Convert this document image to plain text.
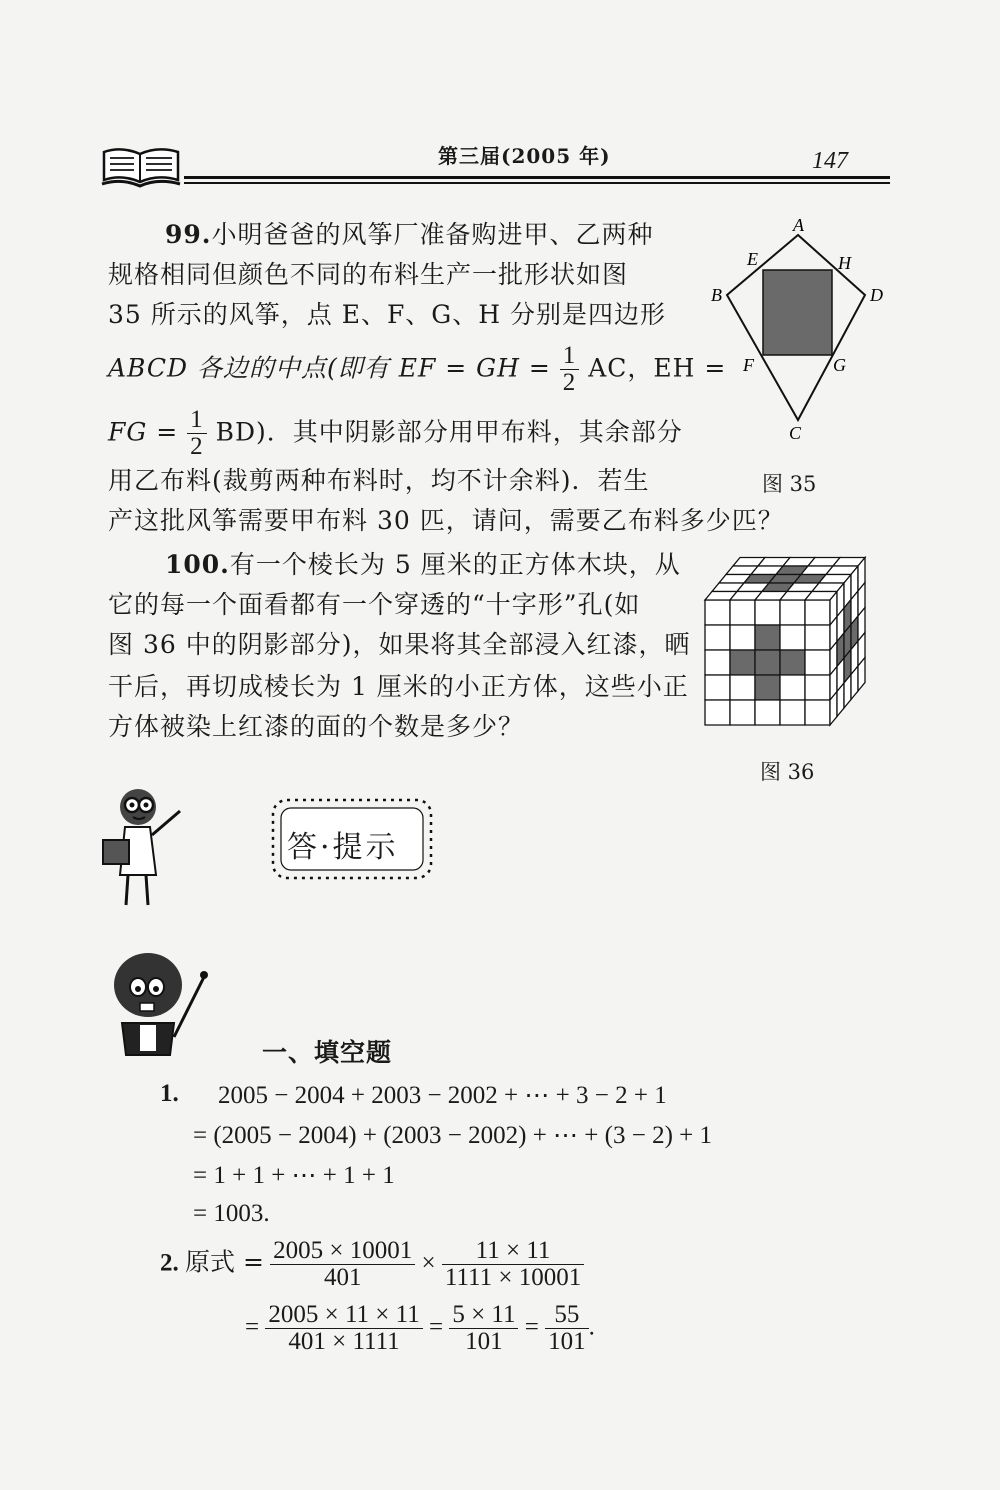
第三届(2005 年)	147
99.小明爸爸的风筝厂准备购进甲、乙两种
规格相同但颜色不同的布料生产一批形状如图
35 所示的风筝，点 E、F、G、H 分别是四边形
ABCD 各边的中点(即有 EF = GH = $\frac{1}{2}$ AC，EH =
FG = $\frac{1}{2} BD$)．其中阴影部分用甲布料，其余部分
用乙布料(裁剪两种布料时，均不计余料)．若生
产这批风筝需要甲布料 30 匹，请问，需要乙布料多少匹？
A
B
C
D
E	H
F	G
图 35
100.有一个棱长为 5 厘米的正方体木块，从
它的每一个面看都有一个穿透的“十字形”孔(如
图 36 中的阴影部分)，如果将其全部浸入红漆，晒
干后，再切成棱长为 1 厘米的小正方体，这些小正
方体被染上红漆的面的个数是多少？
图 36
答·提示
一、填空题
1. 2005 − 2004 + 2003 − 2002 + ⋯ + 3 − 2 + 1
= (2005 − 2004) + (2003 − 2002) + ⋯ + (3 − 2) + 1
= 1 + 1 + ⋯ + 1 + 1
= 1003.
2. 原式 = $\frac{2005 \times 10001}{401} \times \frac{11 \times 11}{1111 \times 10001}$
= $\frac{2005 \times 11 \times 11}{401 \times 1111} = \frac{5 \times 11}{101} = \frac{55}{101}$ .
